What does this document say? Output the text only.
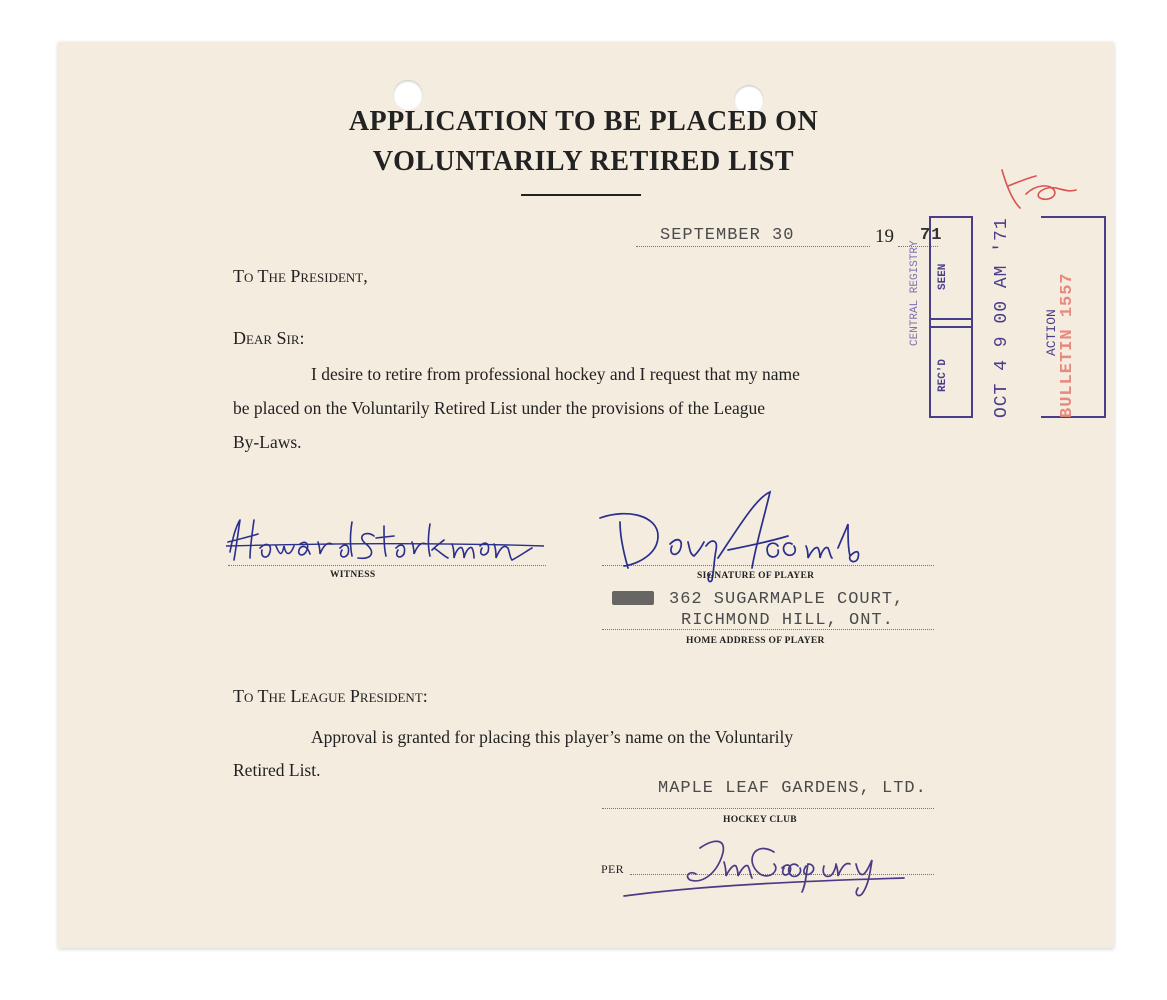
APPLICATION TO BE PLACED ON
VOLUNTARILY RETIRED LIST
SEPTEMBER 30	19 71
To The President,
Dear Sir:
I desire to retire from professional hockey and I request that my name
be placed on the Voluntarily Retired List under the provisions of the League
By-Laws.
WITNESS	SIGNATURE OF PLAYER
362 SUGARMAPLE COURT,
RICHMOND HILL, ONT.
HOME ADDRESS OF PLAYER
To The League President:
Approval is granted for placing this player’s name on the Voluntarily
Retired List.
MAPLE LEAF GARDENS, LTD.
HOCKEY CLUB
PER
CENTRAL REGISTRY SEEN
REC'D OCT 4 9 00 AM '71 ACTION BULLETIN 1557
